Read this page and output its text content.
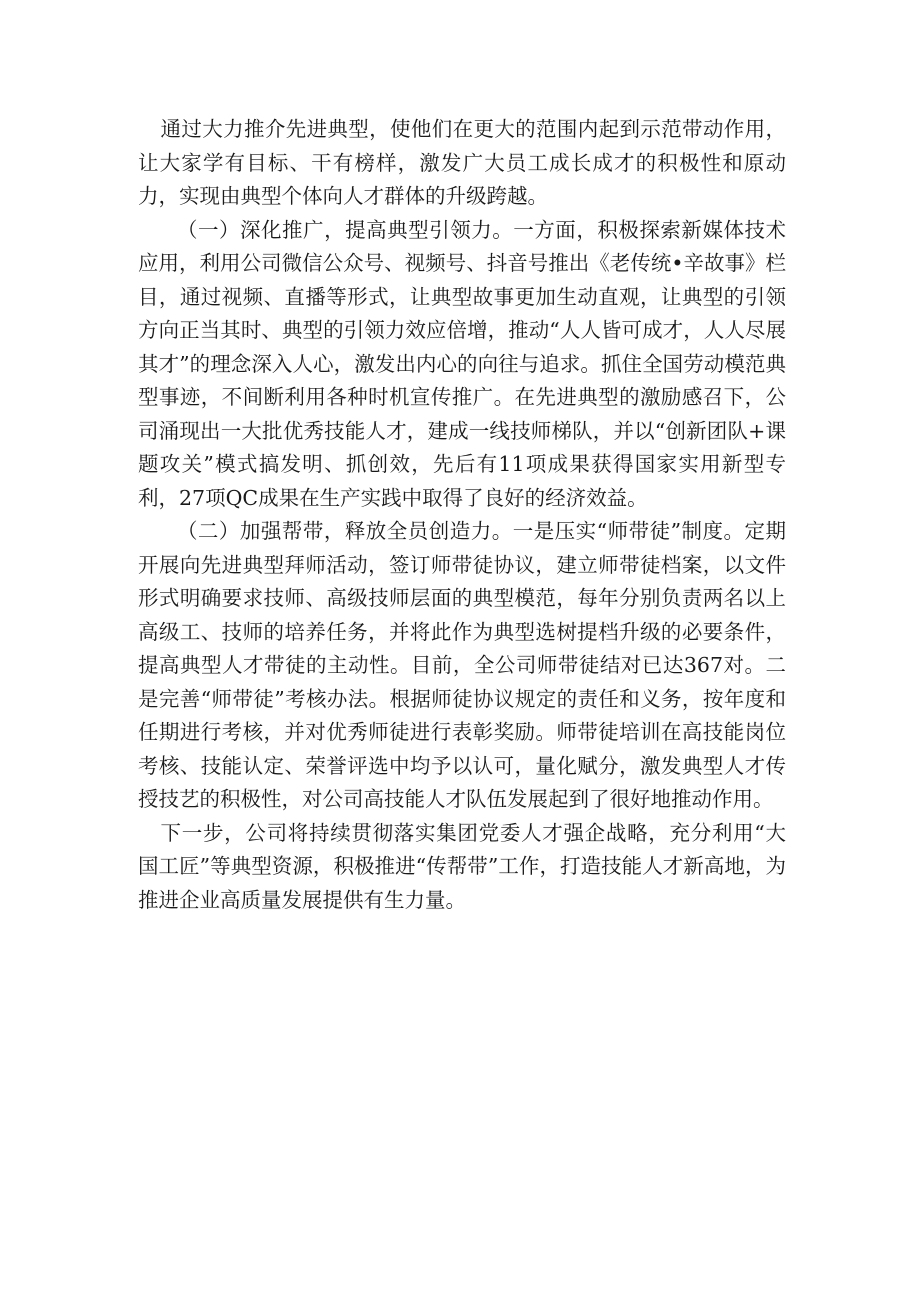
通过大力推介先进典型，使他们在更大的范围内起到示范带动作用，让大家学有目标、干有榜样，激发广大员工成长成才的积极性和原动力，实现由典型个体向人才群体的升级跨越。

（一）深化推广，提高典型引领力。一方面，积极探索新媒体技术应用，利用公司微信公众号、视频号、抖音号推出《老传统•辛故事》栏目，通过视频、直播等形式，让典型故事更加生动直观，让典型的引领方向正当其时、典型的引领力效应倍增，推动“人人皆可成才，人人尽展其才”的理念深入人心，激发出内心的向往与追求。抓住全国劳动模范典型事迹，不间断利用各种时机宣传推广。在先进典型的激励感召下，公司涌现出一大批优秀技能人才，建成一线技师梯队，并以“创新团队+课题攻关”模式搞发明、抓创效，先后有11项成果获得国家实用新型专利，27项QC成果在生产实践中取得了良好的经济效益。

（二）加强帮带，释放全员创造力。一是压实“师带徒”制度。定期开展向先进典型拜师活动，签订师带徒协议，建立师带徒档案，以文件形式明确要求技师、高级技师层面的典型模范，每年分别负责两名以上高级工、技师的培养任务，并将此作为典型选树提档升级的必要条件，提高典型人才带徒的主动性。目前，全公司师带徒结对已达367对。二是完善“师带徒”考核办法。根据师徒协议规定的责任和义务，按年度和任期进行考核，并对优秀师徒进行表彰奖励。师带徒培训在高技能岗位考核、技能认定、荣誉评选中均予以认可，量化赋分，激发典型人才传授技艺的积极性，对公司高技能人才队伍发展起到了很好地推动作用。

下一步，公司将持续贯彻落实集团党委人才强企战略，充分利用“大国工匠”等典型资源，积极推进“传帮带”工作，打造技能人才新高地，为推进企业高质量发展提供有生力量。
